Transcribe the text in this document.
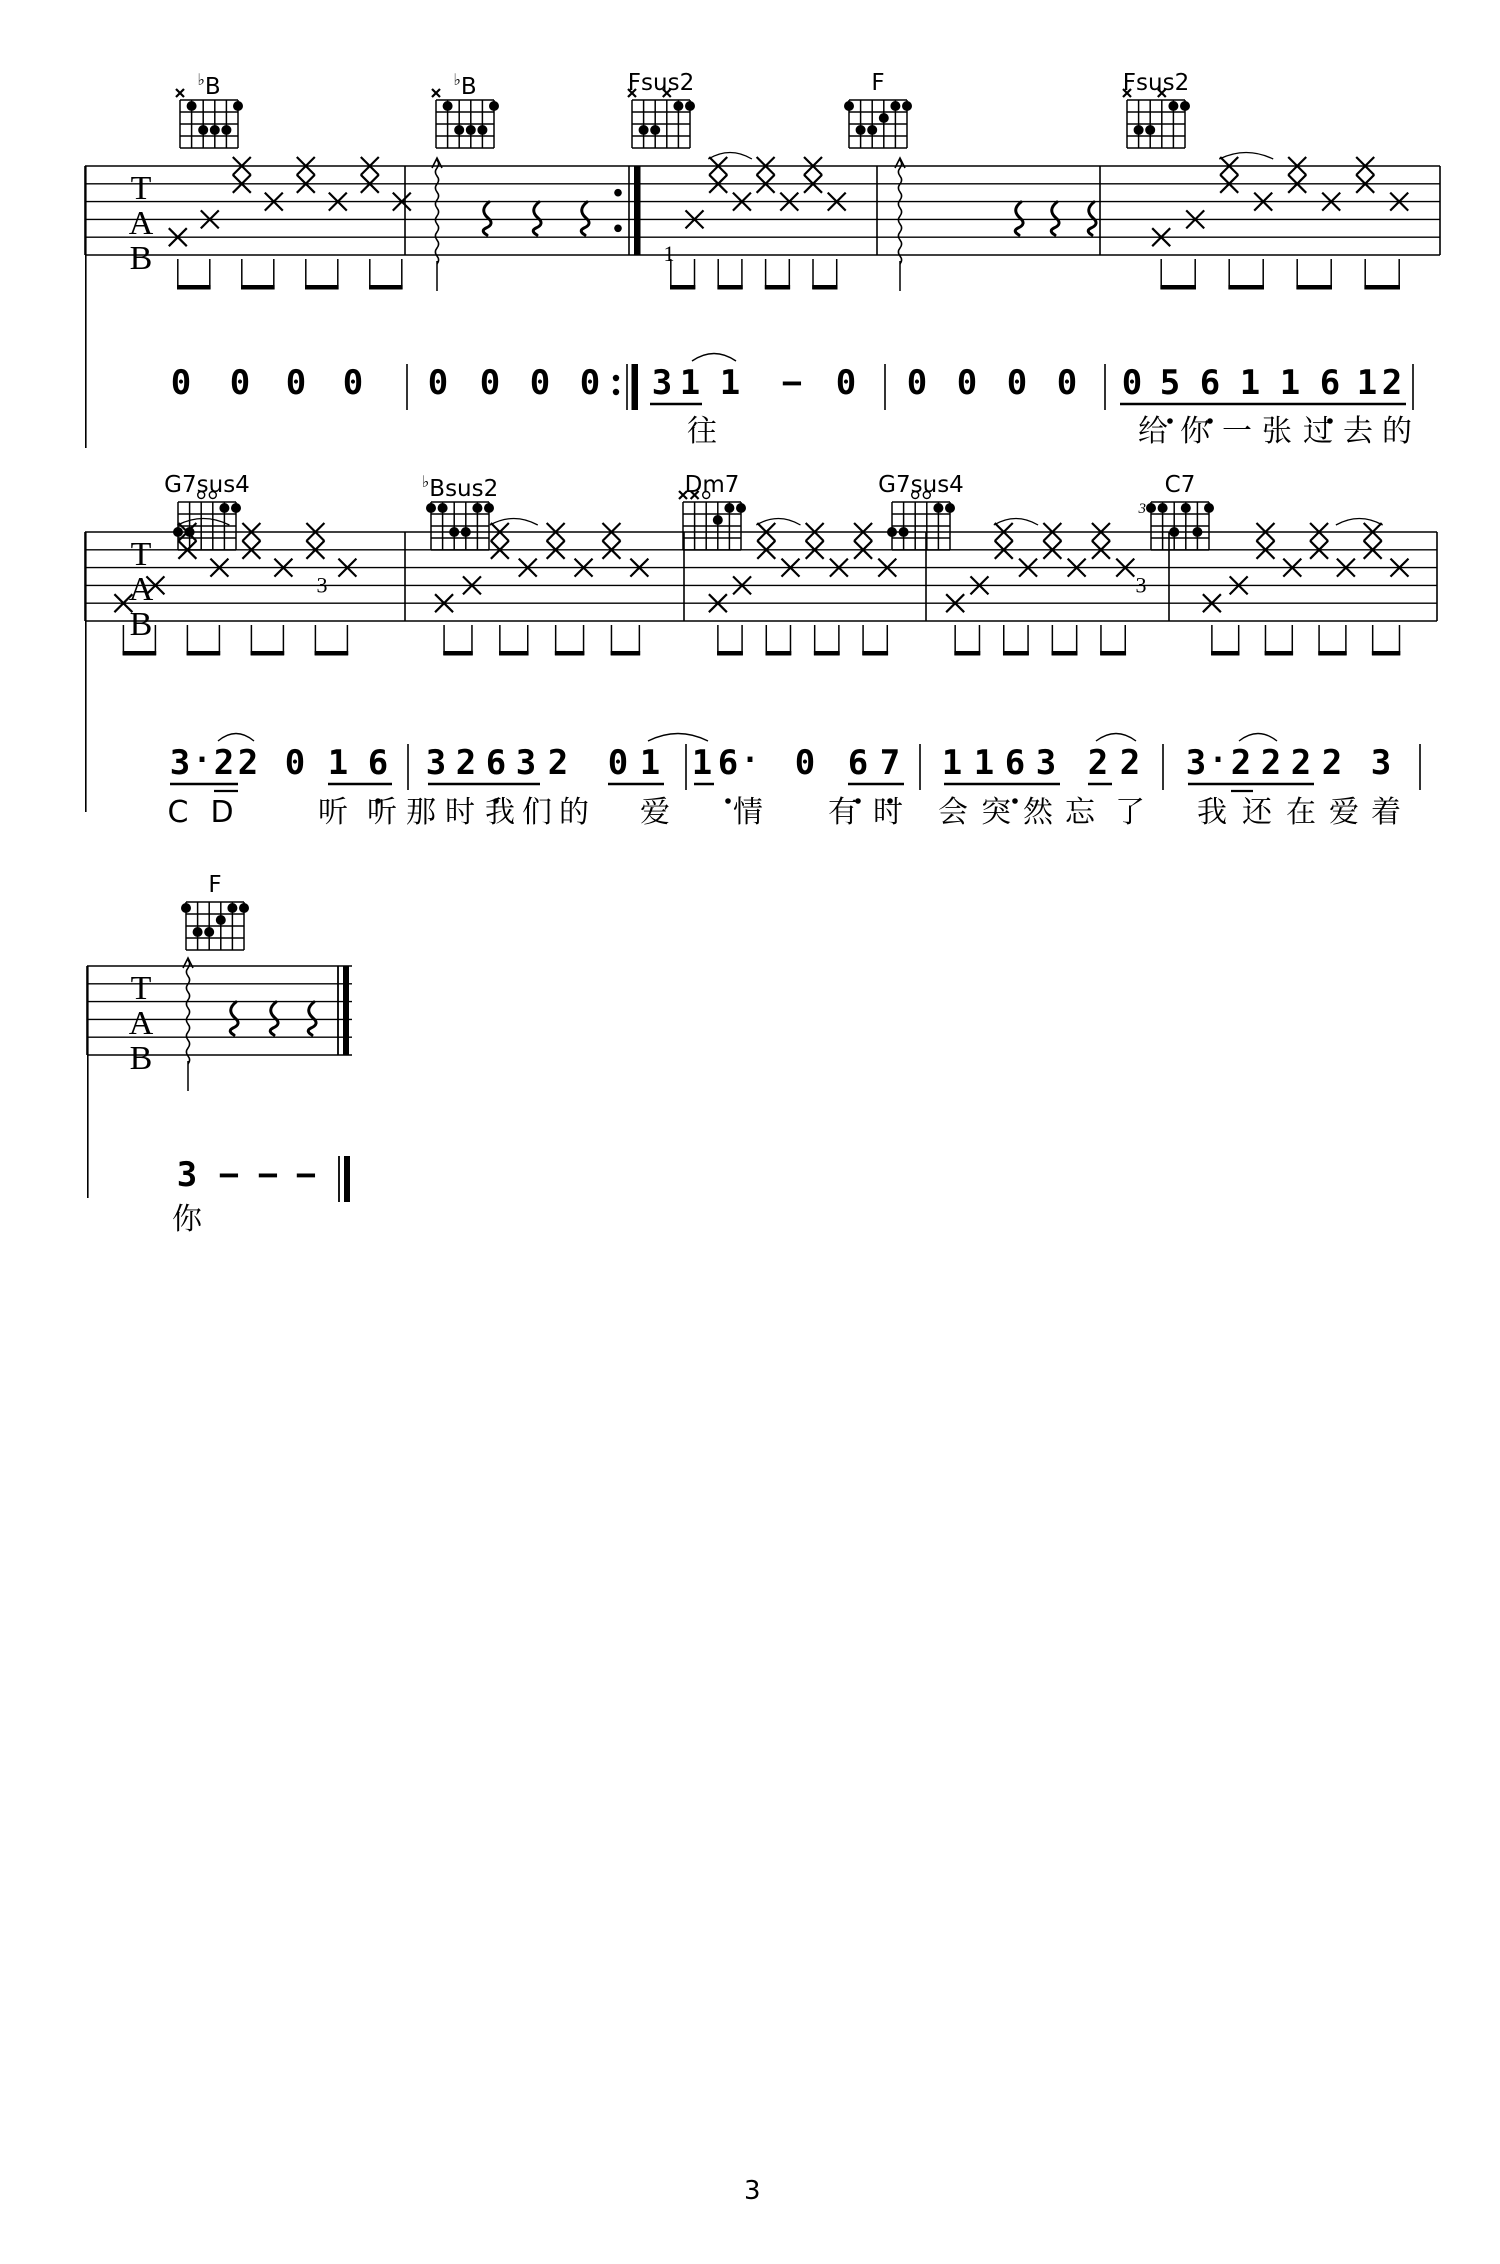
T
A
B	1
T
A
B
3	3
3
T
A
B
♭B	♭B	Fsus2	F	Fsus2
G7sus4	♭Bsus2	Dm7	G7sus4	C7
F
0 0 0 0 0 0 0 0 3 1 1 − 0 0 0 0 0 0 5 6 1 1 6 1 2
往	给 你 一 张 过 去 的
3 · 2 2 0 1 6 3 2 6 3 2 0 1 1 6 · 0 6 7 1 1 6 3 2 2 3 · 2 2 2 2 3
C D	听 听 那 时 我 们 的 爱 情 有 时 会 突 然 忘 了 我 还 在 爱 着
3 − − −
你
3
